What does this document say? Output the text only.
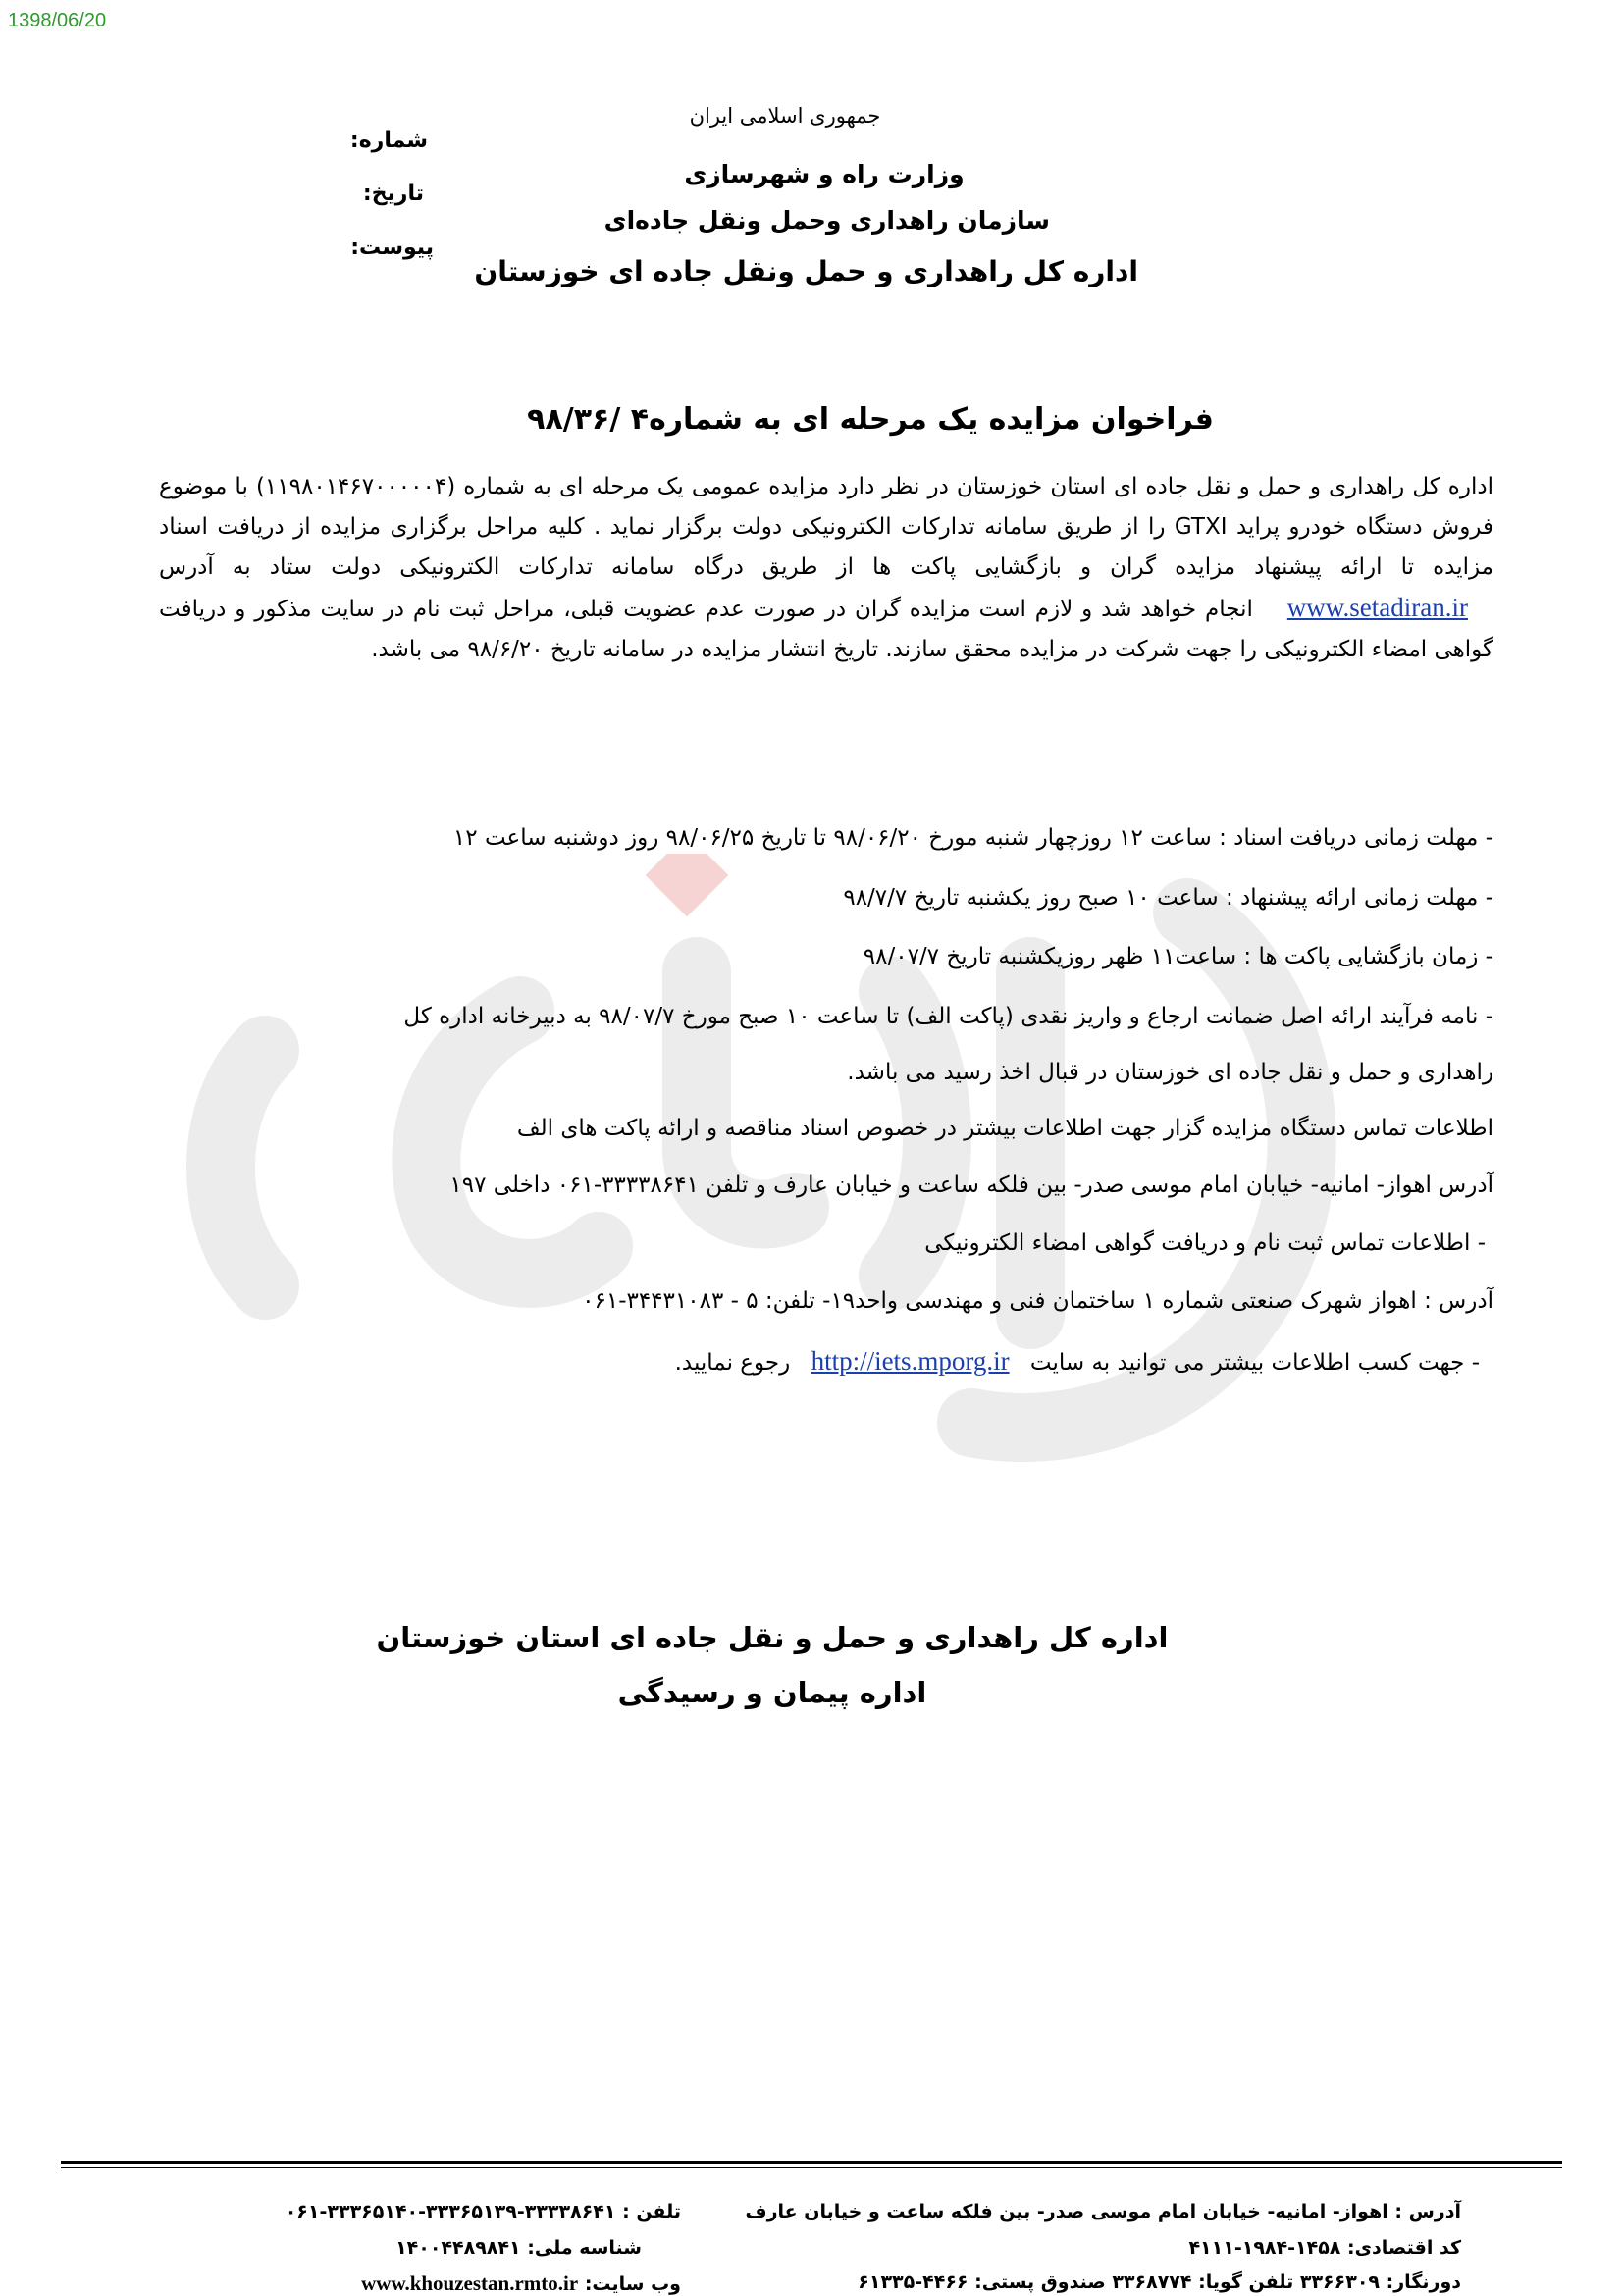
1398/06/20
جمهوری اسلامی ایران
وزارت راه و شهرسازی
سازمان راهداری وحمل ونقل جاده‌ای
اداره کل راهداری و حمل ونقل جاده ای خوزستان
شماره:
تاریخ:
پیوست:
فراخوان مزایده یک مرحله ای به شماره۴ /۹۸/۳۶
اداره کل راهداری و حمل و نقل جاده ای استان خوزستان در نظر دارد مزایده عمومی یک مرحله ای به شماره (۱۱۹۸۰۱۴۶۷۰۰۰۰۰۴) با موضوع فروش دستگاه خودرو پراید GTXI را از طریق سامانه تدارکات الکترونیکی دولت برگزار نماید . کلیه مراحل برگزاری مزایده از دریافت اسناد مزایده تا ارائه پیشنهاد مزایده گران و بازگشایی پاکت ها از طریق درگاه سامانه تدارکات الکترونیکی دولت ستاد به آدرس www.setadiran.ir انجام خواهد شد و لازم است مزایده گران در صورت عدم عضویت قبلی، مراحل ثبت نام در سایت مذکور و دریافت گواهی امضاء الکترونیکی را جهت شرکت در مزایده محقق سازند. تاریخ انتشار مزایده در سامانه تاریخ ۹۸/۶/۲۰ می باشد.
- مهلت زمانی دریافت اسناد : ساعت ۱۲ روزچهار شنبه مورخ ۹۸/۰۶/۲۰ تا تاریخ ۹۸/۰۶/۲۵ روز دوشنبه ساعت ۱۲
- مهلت زمانی ارائه پیشنهاد : ساعت ۱۰ صبح روز یکشنبه تاریخ ۹۸/۷/۷
- زمان بازگشایی پاکت ها : ساعت۱۱ ظهر روزیکشنبه تاریخ ۹۸/۰۷/۷
- نامه فرآیند ارائه اصل ضمانت ارجاع و واریز نقدی (پاکت الف) تا ساعت ۱۰ صبح مورخ ۹۸/۰۷/۷ به دبیرخانه اداره کل
راهداری و حمل و نقل جاده ای خوزستان در قبال اخذ رسید می باشد.
اطلاعات تماس دستگاه مزایده گزار جهت اطلاعات بیشتر در خصوص اسناد مناقصه و ارائه پاکت های الف
آدرس اهواز- امانیه- خیابان امام موسی صدر- بین فلکه ساعت و خیابان عارف و تلفن ۳۳۳۳۸۶۴۱-۰۶۱ داخلی ۱۹۷
- اطلاعات تماس ثبت نام و دریافت گواهی امضاء الکترونیکی
آدرس : اهواز شهرک صنعتی شماره ۱ ساختمان فنی و مهندسی واحد۱۹- تلفن: ۵ - ۳۴۴۳۱۰۸۳-۰۶۱
- جهت کسب اطلاعات بیشتر می توانید به سایت http://iets.mporg.ir رجوع نمایید.
اداره کل راهداری و حمل و نقل جاده ای استان خوزستان
اداره پیمان و رسیدگی
آدرس : اهواز- امانیه- خیابان امام موسی صدر- بین فلکه ساعت و خیابان عارف
کد اقتصادی: ۱۴۵۸-۱۹۸۴-۴۱۱۱
دورنگار: ۳۳۶۶۳۰۹ تلفن گویا: ۳۳۶۸۷۷۴ صندوق پستی: ۴۴۶۶-۶۱۳۳۵
تلفن : ۳۳۳۳۸۶۴۱-۳۳۳۶۵۱۳۹-۳۳۳۶۵۱۴۰-۰۶۱
شناسه ملی: ۱۴۰۰۴۴۸۹۸۴۱
وب سایت: www.khouzestan.rmto.ir
